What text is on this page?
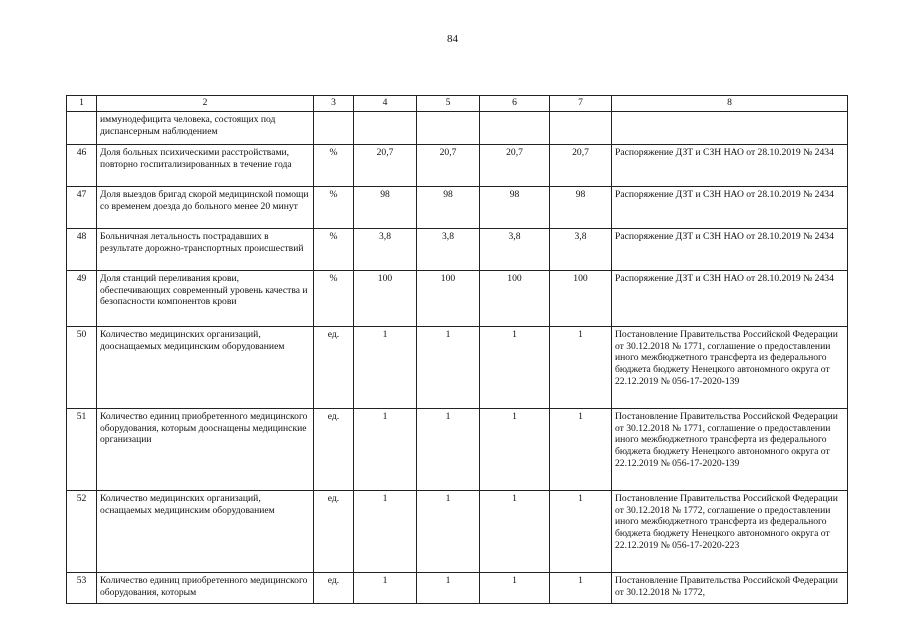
84
1	2	3	4	5	6	7	8
	иммунодефицита человека, состоящих под диспансерным наблюдением						
46	Доля больных психическими расстройствами, повторно госпитализированных в течение года	%	20,7	20,7	20,7	20,7	Распоряжение ДЗТ и СЗН НАО от 28.10.2019 № 2434
47	Доля выездов бригад скорой медицинской помощи со временем доезда до больного менее 20 минут	%	98	98	98	98	Распоряжение ДЗТ и СЗН НАО от 28.10.2019 № 2434
48	Больничная летальность пострадавших в результате дорожно-транспортных происшествий	%	3,8	3,8	3,8	3,8	Распоряжение ДЗТ и СЗН НАО от 28.10.2019 № 2434
49	Доля станций переливания крови, обеспечивающих современный уровень качества и безопасности компонентов крови	%	100	100	100	100	Распоряжение ДЗТ и СЗН НАО от 28.10.2019 № 2434
50	Количество медицинских организаций, дооснащаемых медицинским оборудованием	ед.	1	1	1	1	Постановление Правительства Российской Федерации от 30.12.2018 № 1771, соглашение о предоставлении иного межбюджетного трансферта из федерального бюджета бюджету Ненецкого автономного округа от 22.12.2019 № 056-17-2020-139
51	Количество единиц приобретенного медицинского оборудования, которым дооснащены медицинские организации	ед.	1	1	1	1	Постановление Правительства Российской Федерации от 30.12.2018 № 1771, соглашение о предоставлении иного межбюджетного трансферта из федерального бюджета бюджету Ненецкого автономного округа от 22.12.2019 № 056-17-2020-139
52	Количество медицинских организаций, оснащаемых медицинским оборудованием	ед.	1	1	1	1	Постановление Правительства Российской Федерации от 30.12.2018 № 1772, соглашение о предоставлении иного межбюджетного трансферта из федерального бюджета бюджету Ненецкого автономного округа от 22.12.2019 № 056-17-2020-223
53	Количество единиц приобретенного медицинского оборудования, которым	ед.	1	1	1	1	Постановление Правительства Российской Федерации от 30.12.2018 № 1772,
